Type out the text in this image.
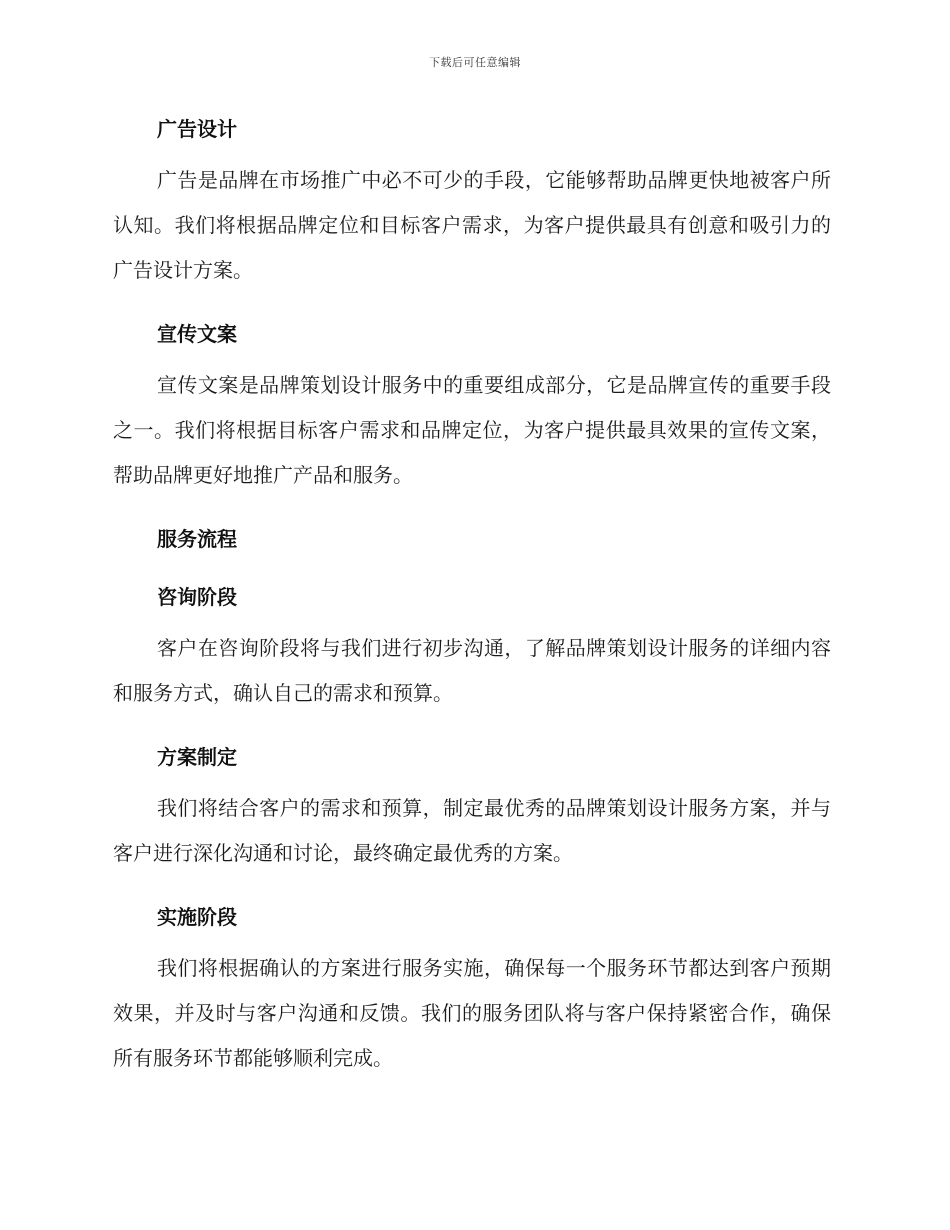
下载后可任意编辑
广告设计

广告是品牌在市场推广中必不可少的手段，它能够帮助品牌更快地被客户所认知。我们将根据品牌定位和目标客户需求，为客户提供最具有创意和吸引力的广告设计方案。

宣传文案

宣传文案是品牌策划设计服务中的重要组成部分，它是品牌宣传的重要手段之一。我们将根据目标客户需求和品牌定位，为客户提供最具效果的宣传文案，帮助品牌更好地推广产品和服务。

服务流程
咨询阶段

客户在咨询阶段将与我们进行初步沟通，了解品牌策划设计服务的详细内容和服务方式，确认自己的需求和预算。

方案制定

我们将结合客户的需求和预算，制定最优秀的品牌策划设计服务方案，并与客户进行深化沟通和讨论，最终确定最优秀的方案。

实施阶段

我们将根据确认的方案进行服务实施，确保每一个服务环节都达到客户预期效果，并及时与客户沟通和反馈。我们的服务团队将与客户保持紧密合作，确保所有服务环节都能够顺利完成。
